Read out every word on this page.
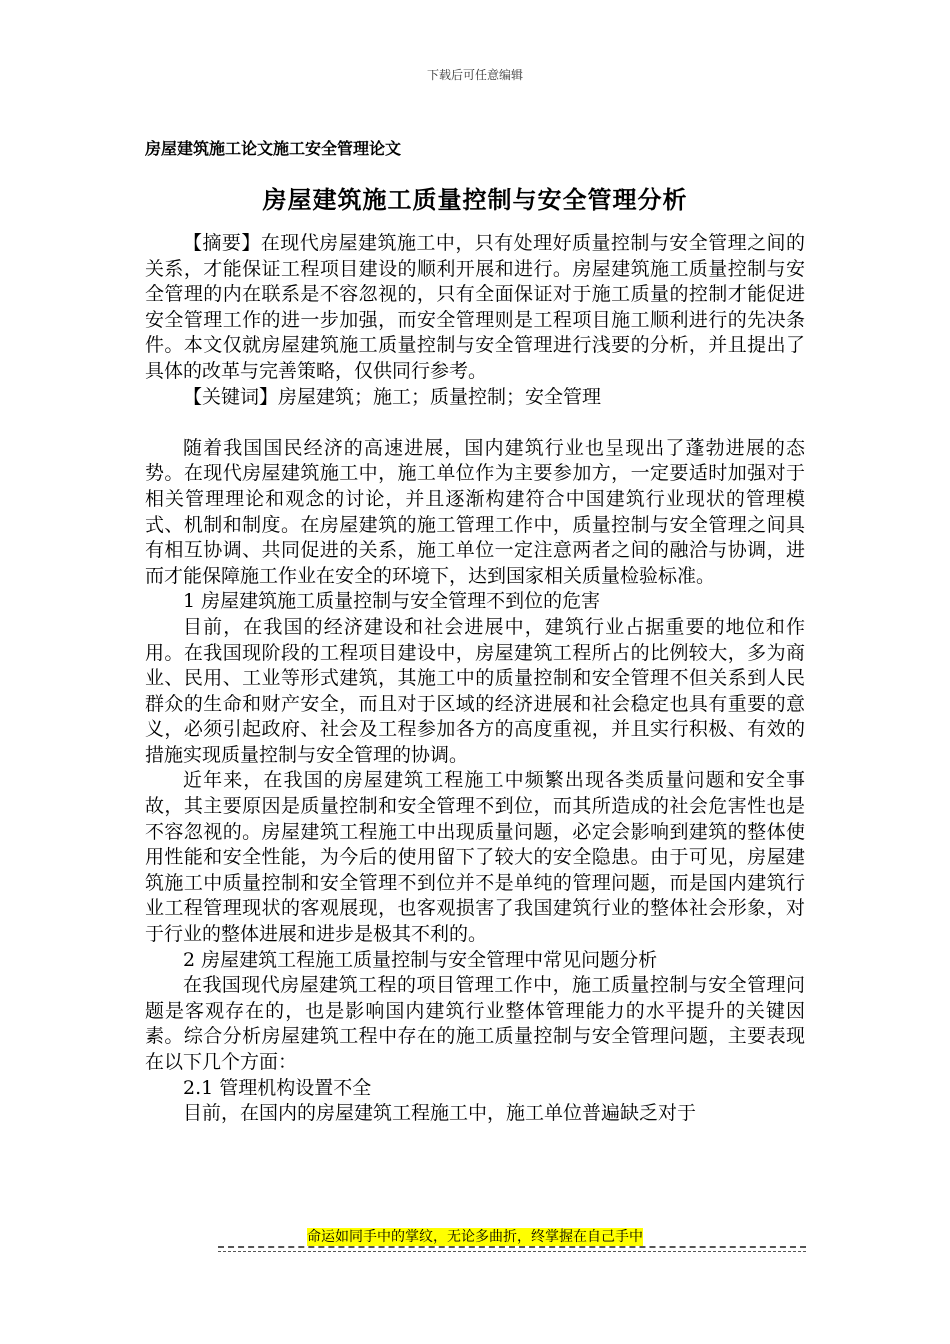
下载后可任意编辑
房屋建筑施工论文施工安全管理论文
房屋建筑施工质量控制与安全管理分析

【摘要】在现代房屋建筑施工中，只有处理好质量控制与安全管理之间的关系，才能保证工程项目建设的顺利开展和进行。房屋建筑施工质量控制与安全管理的内在联系是不容忽视的，只有全面保证对于施工质量的控制才能促进安全管理工作的进一步加强，而安全管理则是工程项目施工顺利进行的先决条件。本文仅就房屋建筑施工质量控制与安全管理进行浅要的分析，并且提出了具体的改革与完善策略，仅供同行参考。

【关键词】房屋建筑；施工；质量控制；安全管理

随着我国国民经济的高速进展，国内建筑行业也呈现出了蓬勃进展的态势。在现代房屋建筑施工中，施工单位作为主要参加方，一定要适时加强对于相关管理理论和观念的讨论，并且逐渐构建符合中国建筑行业现状的管理模式、机制和制度。在房屋建筑的施工管理工作中，质量控制与安全管理之间具有相互协调、共同促进的关系，施工单位一定注意两者之间的融洽与协调，进而才能保障施工作业在安全的环境下，达到国家相关质量检验标准。

1 房屋建筑施工质量控制与安全管理不到位的危害

目前，在我国的经济建设和社会进展中，建筑行业占据重要的地位和作用。在我国现阶段的工程项目建设中，房屋建筑工程所占的比例较大，多为商业、民用、工业等形式建筑，其施工中的质量控制和安全管理不但关系到人民群众的生命和财产安全，而且对于区域的经济进展和社会稳定也具有重要的意义，必须引起政府、社会及工程参加各方的高度重视，并且实行积极、有效的措施实现质量控制与安全管理的协调。

近年来，在我国的房屋建筑工程施工中频繁出现各类质量问题和安全事故，其主要原因是质量控制和安全管理不到位，而其所造成的社会危害性也是不容忽视的。房屋建筑工程施工中出现质量问题，必定会影响到建筑的整体使用性能和安全性能，为今后的使用留下了较大的安全隐患。由于可见，房屋建筑施工中质量控制和安全管理不到位并不是单纯的管理问题，而是国内建筑行业工程管理现状的客观展现，也客观损害了我国建筑行业的整体社会形象，对于行业的整体进展和进步是极其不利的。

2 房屋建筑工程施工质量控制与安全管理中常见问题分析

在我国现代房屋建筑工程的项目管理工作中，施工质量控制与安全管理问题是客观存在的，也是影响国内建筑行业整体管理能力的水平提升的关键因素。综合分析房屋建筑工程中存在的施工质量控制与安全管理问题，主要表现在以下几个方面：

2.1 管理机构设置不全

目前，在国内的房屋建筑工程施工中，施工单位普遍缺乏对于

命运如同手中的掌纹，无论多曲折，终掌握在自己手中
